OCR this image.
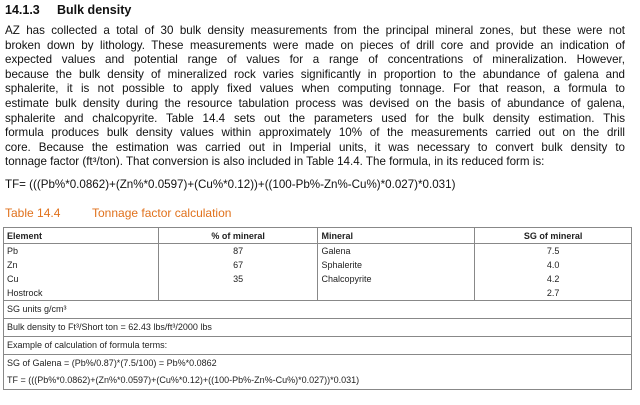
14.1.3 Bulk density
AZ has collected a total of 30 bulk density measurements from the principal mineral zones, but these were not
broken down by lithology. These measurements were made on pieces of drill core and provide an indication of
expected values and potential range of values for a range of concentrations of mineralization. However,
because the bulk density of mineralized rock varies significantly in proportion to the abundance of galena and
sphalerite, it is not possible to apply fixed values when computing tonnage. For that reason, a formula to
estimate bulk density during the resource tabulation process was devised on the basis of abundance of galena,
sphalerite and chalcopyrite. Table 14.4 sets out the parameters used for the bulk density estimation. This
formula produces bulk density values within approximately 10% of the measurements carried out on the drill
core. Because the estimation was carried out in Imperial units, it was necessary to convert bulk density to
tonnage factor (ft³/ton). That conversion is also included in Table 14.4. The formula, in its reduced form is:
TF= (((Pb%*0.0862)+(Zn%*0.0597)+(Cu%*0.12))+((100-Pb%-Zn%-Cu%)*0.027)*0.031)
Table 14.4	Tonnage factor calculation
Element	% of mineral	Mineral	SG of mineral
Pb	87	Galena	7.5
Zn	67	Sphalerite	4.0
Cu	35	Chalcopyrite	4.2
Hostrock			2.7
SG units g/cm³			
Bulk density to Ft³/Short ton = 62.43 lbs/ft³/2000 lbs			
Example of calculation of formula terms:			
SG of Galena = (Pb%/0.87)*(7.5/100) = Pb%*0.0862			
TF = (((Pb%*0.0862)+(Zn%*0.0597)+(Cu%*0.12)+((100-Pb%-Zn%-Cu%)*0.027))*0.031)			
